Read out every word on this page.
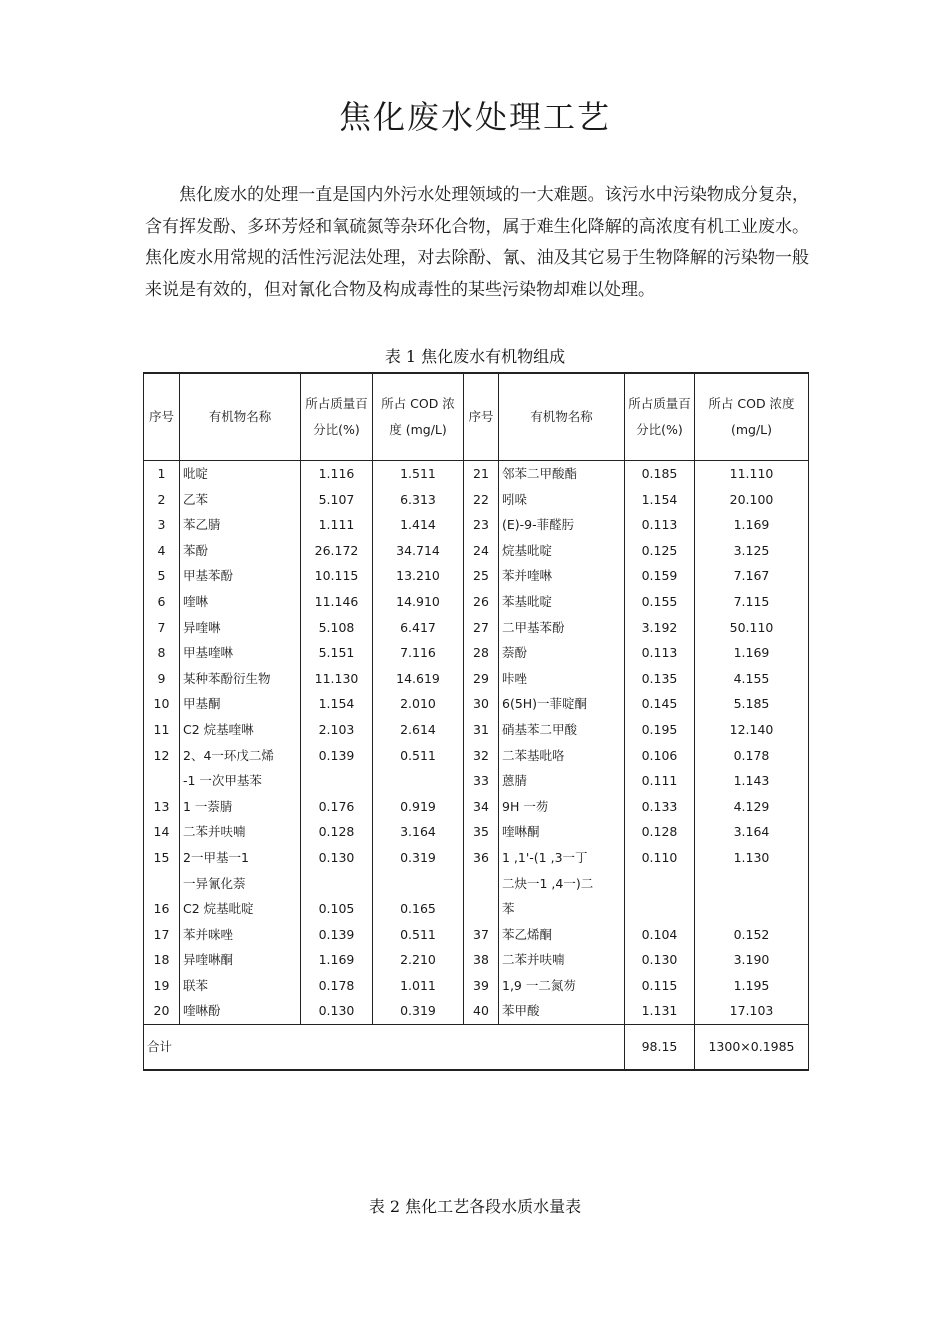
焦化废水处理工艺
焦化废水的处理一直是国内外污水处理领域的一大难题。该污水中污染物成分复杂，含有挥发酚、多环芳烃和氧硫氮等杂环化合物，属于难生化降解的高浓度有机工业废水。焦化废水用常规的活性污泥法处理，对去除酚、氰、油及其它易于生物降解的污染物一般来说是有效的，但对氰化合物及构成毒性的某些污染物却难以处理。
表 1 焦化废水有机物组成
序号	有机物名称	所占质量百分比(%)	所占 COD 浓度 (mg/L)	序号	有机物名称	所占质量百分比(%)	所占 COD 浓度 (mg/L)
1	吡啶	1.116	1.511	21	邻苯二甲酸酯	0.185	11.110
2	乙苯	5.107	6.313	22	吲哚	1.154	20.100
3	苯乙腈	1.111	1.414	23	(E)-9-菲醛肟	0.113	1.169
4	苯酚	26.172	34.714	24	烷基吡啶	0.125	3.125
5	甲基苯酚	10.115	13.210	25	苯并喹啉	0.159	7.167
6	喹啉	11.146	14.910	26	苯基吡啶	0.155	7.115
7	异喹啉	5.108	6.417	27	二甲基苯酚	3.192	50.110
8	甲基喹啉	5.151	7.116	28	萘酚	0.113	1.169
9	某种苯酚衍生物	11.130	14.619	29	咔唑	0.135	4.155
10	甲基酮	1.154	2.010	30	6(5H)一菲啶酮	0.145	5.185
11	C2 烷基喹啉	2.103	2.614	31	硝基苯二甲酸	0.195	12.140
12	2、4一环戊二烯	0.139	0.511	32	二苯基吡咯	0.106	0.178
	-1 一次甲基苯			33	蒽腈	0.111	1.143
13	1 一萘腈	0.176	0.919	34	9H 一芴	0.133	4.129
14	二苯并呋喃	0.128	3.164	35	喹啉酮	0.128	3.164
15	2一甲基一1	0.130	0.319	36	1 ,1'-(1 ,3一丁	0.110	1.130
	一异氰化萘				二炔一1 ,4一)二		
16	C2 烷基吡啶	0.105	0.165		苯		
17	苯并咪唑	0.139	0.511	37	苯乙烯酮	0.104	0.152
18	异喹啉酮	1.169	2.210	38	二苯并呋喃	0.130	3.190
19	联苯	0.178	1.011	39	1,9 一二氮芴	0.115	1.195
20	喹啉酚	0.130	0.319	40	苯甲酸	1.131	17.103
合计						98.15	1300×0.1985
表 2 焦化工艺各段水质水量表
